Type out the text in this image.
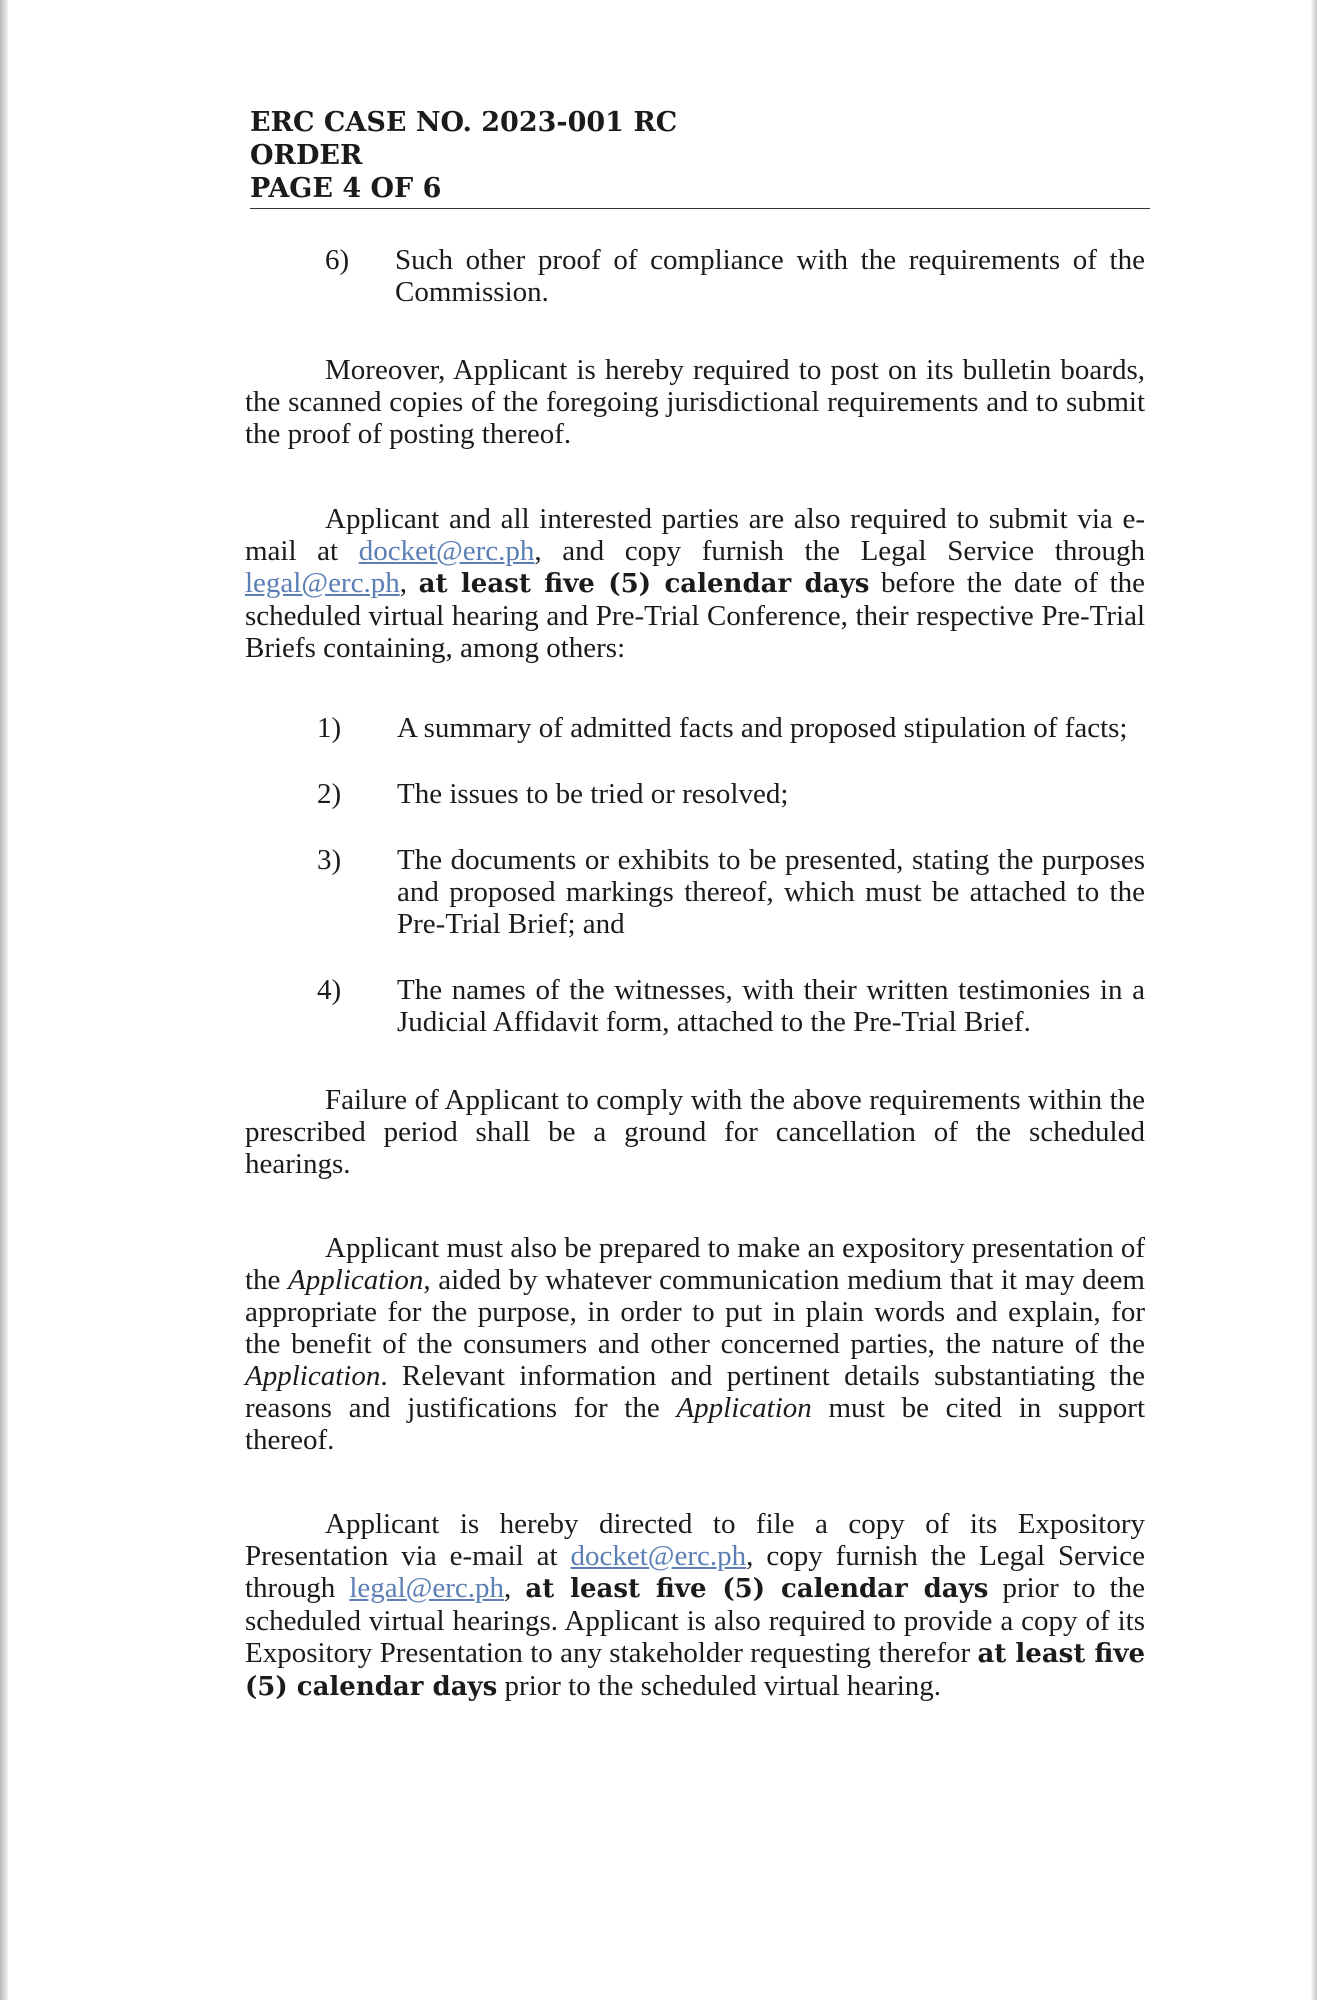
ERC CASE NO. 2023-001 RC
ORDER
PAGE 4 OF 6
6)	Such other proof of compliance with the requirements of the Commission.

Moreover, Applicant is hereby required to post on its bulletin boards, the scanned copies of the foregoing jurisdictional requirements and to submit the proof of posting thereof.

Applicant and all interested parties are also required to submit via e-mail at docket@erc.ph, and copy furnish the Legal Service through legal@erc.ph, at least five (5) calendar days before the date of the scheduled virtual hearing and Pre-Trial Conference, their respective Pre-Trial Briefs containing, among others:

1)	A summary of admitted facts and proposed stipulation of facts;
2)	The issues to be tried or resolved;
3)	The documents or exhibits to be presented, stating the purposes and proposed markings thereof, which must be attached to the Pre-Trial Brief; and
4)	The names of the witnesses, with their written testimonies in a Judicial Affidavit form, attached to the Pre-Trial Brief.

Failure of Applicant to comply with the above requirements within the prescribed period shall be a ground for cancellation of the scheduled hearings.

Applicant must also be prepared to make an expository presentation of the Application, aided by whatever communication medium that it may deem appropriate for the purpose, in order to put in plain words and explain, for the benefit of the consumers and other concerned parties, the nature of the Application. Relevant information and pertinent details substantiating the reasons and justifications for the Application must be cited in support thereof.

Applicant is hereby directed to file a copy of its Expository Presentation via e-mail at docket@erc.ph, copy furnish the Legal Service through legal@erc.ph, at least five (5) calendar days prior to the scheduled virtual hearings. Applicant is also required to provide a copy of its Expository Presentation to any stakeholder requesting therefor at least five (5) calendar days prior to the scheduled virtual hearing.
